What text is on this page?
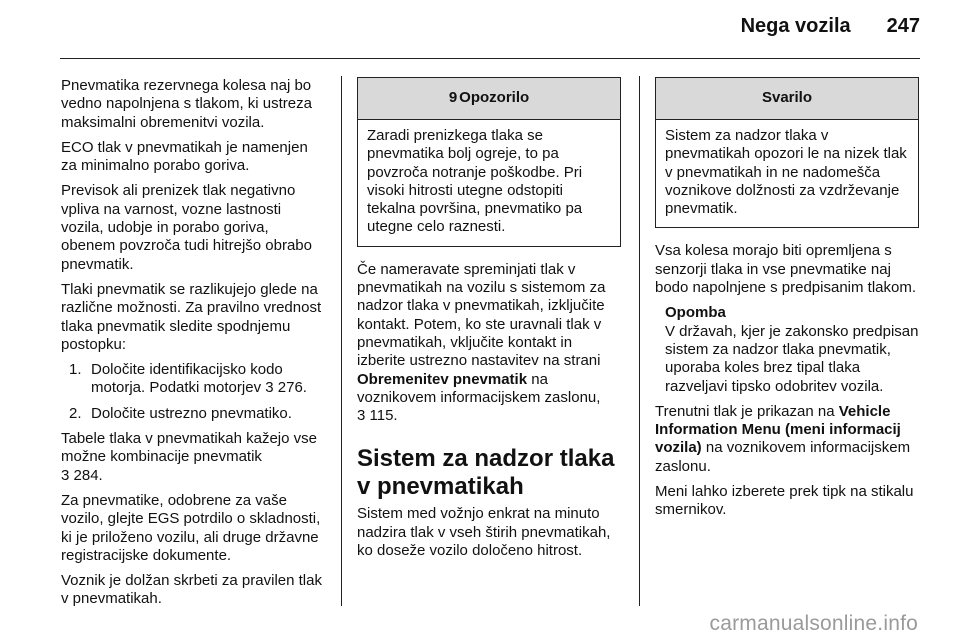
Nega vozila 247

Pnevmatika rezervnega kolesa naj bo vedno napolnjena s tlakom, ki ustreza maksimalni obremenitvi vozila.

ECO tlak v pnevmatikah je namenjen za minimalno porabo goriva.

Previsok ali prenizek tlak negativno vpliva na varnost, vozne lastnosti vozila, udobje in porabo goriva, obenem povzroča tudi hitrejšo obrabo pnevmatik.

Tlaki pnevmatik se razlikujejo glede na različne možnosti. Za pravilno vrednost tlaka pnevmatik sledite spodnjemu postopku:

1. Določite identifikacijsko kodo motorja. Podatki motorjev 3 276.
2. Določite ustrezno pnevmatiko.

Tabele tlaka v pnevmatikah kažejo vse možne kombinacije pnevmatik
3 284.

Za pnevmatike, odobrene za vaše vozilo, glejte EGS potrdilo o skladnosti, ki je priloženo vozilu, ali druge državne registracijske dokumente.

Voznik je dolžan skrbeti za pravilen tlak v pnevmatikah.

9 Opozorilo
Zaradi prenizkega tlaka se pnevmatika bolj ogreje, to pa povzroča notranje poškodbe. Pri visoki hitrosti utegne odstopiti tekalna površina, pnevmatiko pa utegne celo raznesti.

Če nameravate spreminjati tlak v pnevmatikah na vozilu s sistemom za nadzor tlaka v pnevmatikah, izključite kontakt. Potem, ko ste uravnali tlak v pnevmatikah, vključite kontakt in izberite ustrezno nastavitev na strani Obremenitev pnevmatik na voznikovem informacijskem zaslonu,
3 115.

Sistem za nadzor tlaka v pnevmatikah

Sistem med vožnjo enkrat na minuto nadzira tlak v vseh štirih pnevmatikah, ko doseže vozilo določeno hitrost.

Svarilo
Sistem za nadzor tlaka v pnevmatikah opozori le na nizek tlak v pnevmatikah in ne nadomešča voznikove dolžnosti za vzdrževanje pnevmatik.

Vsa kolesa morajo biti opremljena s senzorji tlaka in vse pnevmatike naj bodo napolnjene s predpisanim tlakom.

Opomba
V državah, kjer je zakonsko predpisan sistem za nadzor tlaka pnevmatik, uporaba koles brez tipal tlaka razveljavi tipsko odobritev vozila.

Trenutni tlak je prikazan na Vehicle Information Menu (meni informacij vozila) na voznikovem informacijskem zaslonu.

Meni lahko izberete prek tipk na stikalu smernikov.

carmanualsonline.info
